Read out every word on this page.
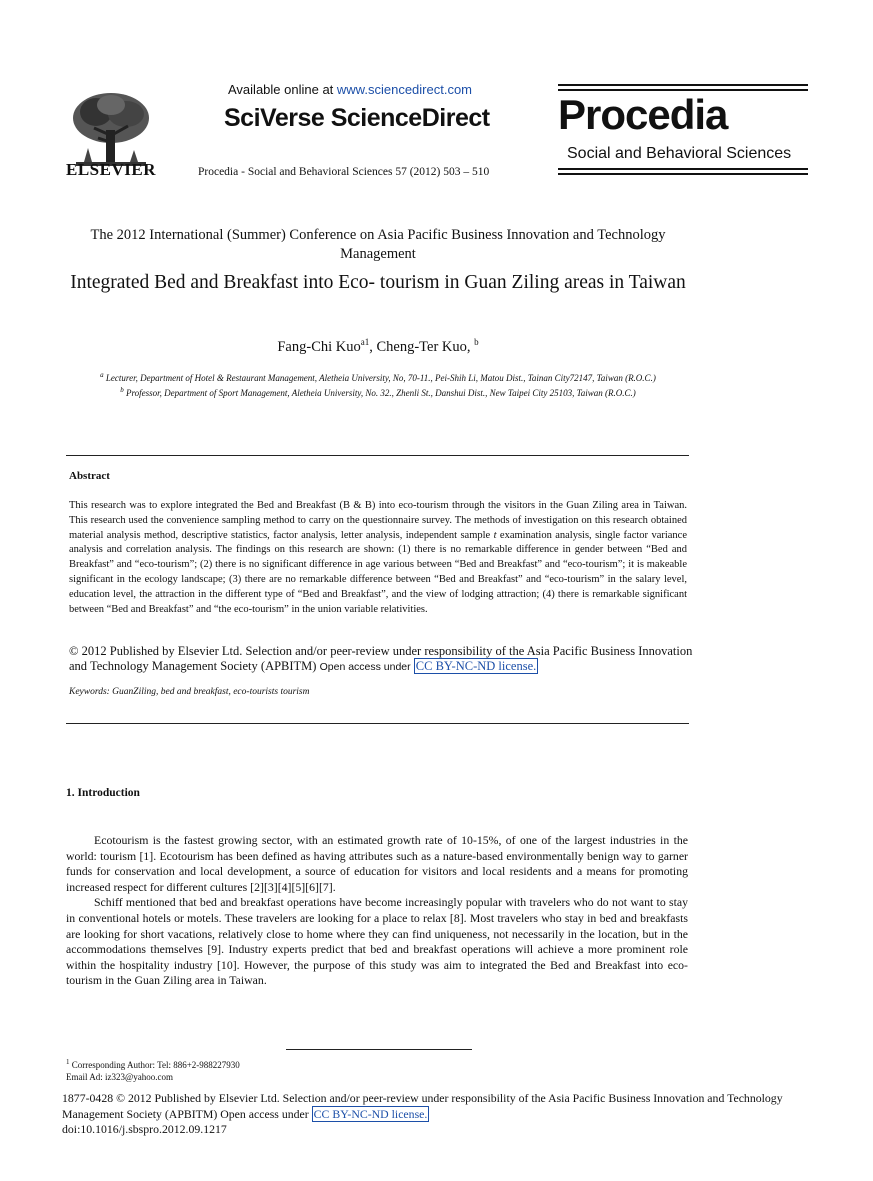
ELSEVIER
Available online at www.sciencedirect.com
SciVerse ScienceDirect
Procedia - Social and Behavioral Sciences 57 (2012) 503 – 510
Procedia
Social and Behavioral Sciences
The 2012 International (Summer) Conference on Asia Pacific Business Innovation and Technology Management
Integrated Bed and Breakfast into Eco- tourism in Guan Ziling areas in Taiwan
Fang-Chi Kuo$^{a1}$, Cheng-Ter Kuo, $^b$
$^a$ Lecturer, Department of Hotel & Restaurant Management, Aletheia University, No, 70-11., Pei-Shih Li, Matou Dist., Tainan City72147, Taiwan (R.O.C.)
$^b$ Professor, Department of Sport Management, Aletheia University, No. 32., Zhenli St., Danshui Dist., New Taipei City 25103, Taiwan (R.O.C.)
Abstract
This research was to explore integrated the Bed and Breakfast (B & B) into eco-tourism through the visitors in the Guan Ziling area in Taiwan. This research used the convenience sampling method to carry on the questionnaire survey. The methods of investigation on this research obtained material analysis method, descriptive statistics, factor analysis, letter analysis, independent sample t examination analysis, single factor variance analysis and correlation analysis. The findings on this research are shown: (1) there is no remarkable difference in gender between “Bed and Breakfast” and “eco-tourism”; (2) there is no significant difference in age various between “Bed and Breakfast” and “eco-tourism”; it is makeable significant in the ecology landscape; (3) there are no remarkable difference between “Bed and Breakfast” and “eco-tourism” in the salary level, education level, the attraction in the different type of “Bed and Breakfast”, and the view of lodging attraction; (4) there is remarkable significant between “Bed and Breakfast” and “the eco-tourism” in the union variable relativities.
© 2012 Published by Elsevier Ltd. Selection and/or peer-review under responsibility of the Asia Pacific Business Innovation and Technology Management Society (APBITM) Open access under CC BY-NC-ND license.
Keywords: GuanZiling, bed and breakfast, eco-tourists tourism
1. Introduction

Ecotourism is the fastest growing sector, with an estimated growth rate of 10-15%, of one of the largest industries in the world: tourism [1]. Ecotourism has been defined as having attributes such as a nature-based environmentally benign way to garner funds for conservation and local development, a source of education for visitors and local residents and a means for promoting increased respect for different cultures [2][3][4][5][6][7].

Schiff mentioned that bed and breakfast operations have become increasingly popular with travelers who do not want to stay in conventional hotels or motels. These travelers are looking for a place to relax [8]. Most travelers who stay in bed and breakfasts are looking for short vacations, relatively close to home where they can find uniqueness, not necessarily in the location, but in the accommodations themselves [9]. Industry experts predict that bed and breakfast operations will achieve a more prominent role within the hospitality industry [10]. However, the purpose of this study was aim to integrated the Bed and Breakfast into eco-tourism in the Guan Ziling area in Taiwan.

$^1$ Corresponding Author: Tel: 886+2-988227930
Email Ad: iz323@yahoo.com
1877-0428 © 2012 Published by Elsevier Ltd. Selection and/or peer-review under responsibility of the Asia Pacific Business Innovation and Technology Management Society (APBITM) Open access under CC BY-NC-ND license.
doi:10.1016/j.sbspro.2012.09.1217
